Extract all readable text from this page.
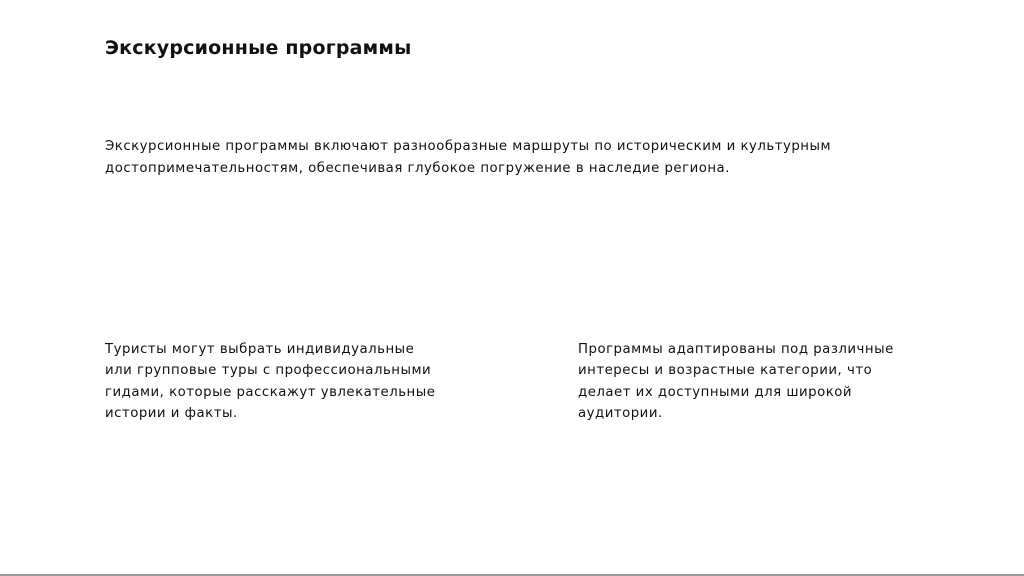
Экскурсионные программы
Экскурсионные программы включают разнообразные маршруты по историческим и культурным
достопримечательностям, обеспечивая глубокое погружение в наследие региона.
Туристы могут выбрать индивидуальные
или групповые туры с профессиональными
гидами, которые расскажут увлекательные
истории и факты.
Программы адаптированы под различные
интересы и возрастные категории, что
делает их доступными для широкой
аудитории.
